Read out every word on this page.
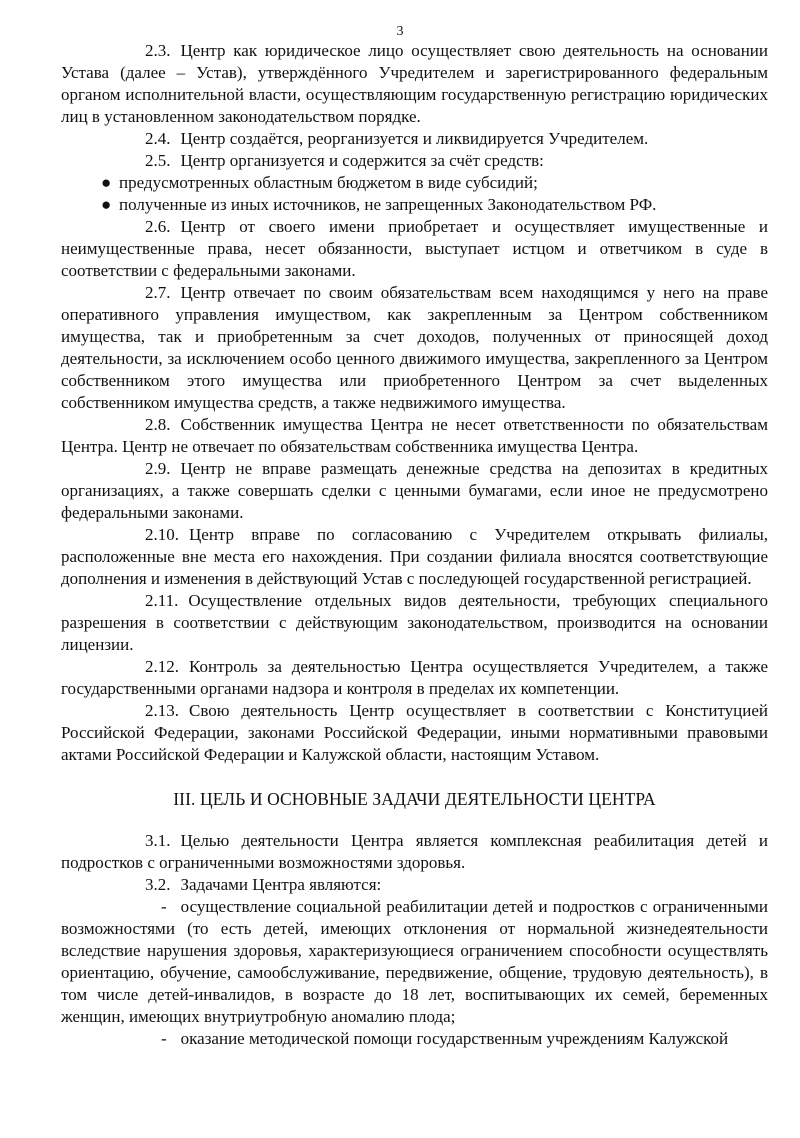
3

2.3. Центр как юридическое лицо осуществляет свою деятельность на основании Устава (далее – Устав), утверждённого Учредителем и зарегистрированного федеральным органом исполнительной власти, осуществляющим государственную регистрацию юридических лиц в установленном законодательством порядке.

2.4. Центр создаётся, реорганизуется и ликвидируется Учредителем.

2.5. Центр организуется и содержится за счёт средств:

● предусмотренных областным бюджетом в виде субсидий;

● полученные из иных источников, не запрещенных Законодательством РФ.

2.6. Центр от своего имени приобретает и осуществляет имущественные и неимущественные права, несет обязанности, выступает истцом и ответчиком в суде в соответствии с федеральными законами.

2.7. Центр отвечает по своим обязательствам всем находящимся у него на праве оперативного управления имуществом, как закрепленным за Центром собственником имущества, так и приобретенным за счет доходов, полученных от приносящей доход деятельности, за исключением особо ценного движимого имущества, закрепленного за Центром собственником этого имущества или приобретенного Центром за счет выделенных собственником имущества средств, а также недвижимого имущества.

2.8. Собственник имущества Центра не несет ответственности по обязательствам Центра. Центр не отвечает по обязательствам собственника имущества Центра.

2.9. Центр не вправе размещать денежные средства на депозитах в кредитных организациях, а также совершать сделки с ценными бумагами, если иное не предусмотрено федеральными законами.

2.10. Центр вправе по согласованию с Учредителем открывать филиалы, расположенные вне места его нахождения. При создании филиала вносятся соответствующие дополнения и изменения в действующий Устав с последующей государственной регистрацией.

2.11. Осуществление отдельных видов деятельности, требующих специального разрешения в соответствии с действующим законодательством, производится на основании лицензии.

2.12. Контроль за деятельностью Центра осуществляется Учредителем, а также государственными органами надзора и контроля в пределах их компетенции.

2.13. Свою деятельность Центр осуществляет в соответствии с Конституцией Российской Федерации, законами Российской Федерации, иными нормативными правовыми актами Российской Федерации и Калужской области, настоящим Уставом.

III. ЦЕЛЬ И ОСНОВНЫЕ ЗАДАЧИ ДЕЯТЕЛЬНОСТИ ЦЕНТРА

3.1. Целью деятельности Центра является комплексная реабилитация детей и подростков с ограниченными возможностями здоровья.

3.2. Задачами Центра являются:

- осуществление социальной реабилитации детей и подростков с ограниченными возможностями (то есть детей, имеющих отклонения от нормальной жизнедеятельности вследствие нарушения здоровья, характеризующиеся ограничением способности осуществлять ориентацию, обучение, самообслуживание, передвижение, общение, трудовую деятельность), в том числе детей-инвалидов, в возрасте до 18 лет, воспитывающих их семей, беременных женщин, имеющих внутриутробную аномалию плода;

- оказание методической помощи государственным учреждениям Калужской
